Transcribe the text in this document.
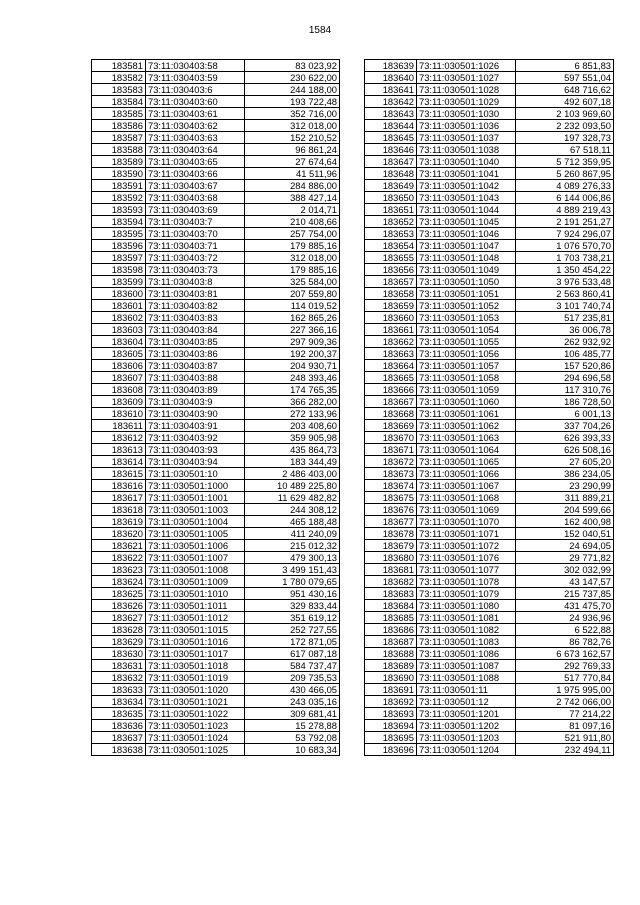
1584
183581	73:11:030403:58	83 023,92
183582	73:11:030403:59	230 622,00
183583	73:11:030403:6	244 188,00
183584	73:11:030403:60	193 722,48
183585	73:11:030403:61	352 716,00
183586	73:11:030403:62	312 018,00
183587	73:11:030403:63	152 210,52
183588	73:11:030403:64	96 861,24
183589	73:11:030403:65	27 674,64
183590	73:11:030403:66	41 511,96
183591	73:11:030403:67	284 886,00
183592	73:11:030403:68	388 427,14
183593	73:11:030403:69	2 014,71
183594	73:11:030403:7	210 408,66
183595	73:11:030403:70	257 754,00
183596	73:11:030403:71	179 885,16
183597	73:11:030403:72	312 018,00
183598	73:11:030403:73	179 885,16
183599	73:11:030403:8	325 584,00
183600	73:11:030403:81	207 559,80
183601	73:11:030403:82	114 019,52
183602	73:11:030403:83	162 865,26
183603	73:11:030403:84	227 366,16
183604	73:11:030403:85	297 909,36
183605	73:11:030403:86	192 200,37
183606	73:11:030403:87	204 930,71
183607	73:11:030403:88	248 393,46
183608	73:11:030403:89	174 765,35
183609	73:11:030403:9	366 282,00
183610	73:11:030403:90	272 133,96
183611	73:11:030403:91	203 408,60
183612	73:11:030403:92	359 905,98
183613	73:11:030403:93	435 864,73
183614	73:11:030403:94	183 344,49
183615	73:11:030501:10	2 486 403,00
183616	73:11:030501:1000	10 489 225,80
183617	73:11:030501:1001	11 629 482,82
183618	73:11:030501:1003	244 308,12
183619	73:11:030501:1004	465 188,48
183620	73:11:030501:1005	411 240,09
183621	73:11:030501:1006	215 012,32
183622	73:11:030501:1007	479 300,13
183623	73:11:030501:1008	3 499 151,43
183624	73:11:030501:1009	1 780 079,65
183625	73:11:030501:1010	951 430,16
183626	73:11:030501:1011	329 833,44
183627	73:11:030501:1012	351 619,12
183628	73:11:030501:1015	252 727,55
183629	73:11:030501:1016	172 871,05
183630	73:11:030501:1017	617 087,18
183631	73:11:030501:1018	584 737,47
183632	73:11:030501:1019	209 735,53
183633	73:11:030501:1020	430 466,05
183634	73:11:030501:1021	243 035,16
183635	73:11:030501:1022	309 681,41
183636	73:11:030501:1023	15 278,88
183637	73:11:030501:1024	53 792,08
183638	73:11:030501:1025	10 683,34
183639	73:11:030501:1026	6 851,83
183640	73:11:030501:1027	597 551,04
183641	73:11:030501:1028	648 716,62
183642	73:11:030501:1029	492 607,18
183643	73:11:030501:1030	2 103 969,60
183644	73:11:030501:1036	2 232 093,50
183645	73:11:030501:1037	197 328,73
183646	73:11:030501:1038	67 518,11
183647	73:11:030501:1040	5 712 359,95
183648	73:11:030501:1041	5 260 867,95
183649	73:11:030501:1042	4 089 276,33
183650	73:11:030501:1043	6 144 006,86
183651	73:11:030501:1044	4 889 219,43
183652	73:11:030501:1045	2 191 251,27
183653	73:11:030501:1046	7 924 296,07
183654	73:11:030501:1047	1 076 570,70
183655	73:11:030501:1048	1 703 738,21
183656	73:11:030501:1049	1 350 454,22
183657	73:11:030501:1050	3 976 533,48
183658	73:11:030501:1051	2 563 860,41
183659	73:11:030501:1052	3 101 740,74
183660	73:11:030501:1053	517 235,81
183661	73:11:030501:1054	36 006,78
183662	73:11:030501:1055	262 932,92
183663	73:11:030501:1056	106 485,77
183664	73:11:030501:1057	157 520,86
183665	73:11:030501:1058	294 696,58
183666	73:11:030501:1059	117 310,76
183667	73:11:030501:1060	186 728,50
183668	73:11:030501:1061	6 001,13
183669	73:11:030501:1062	337 704,26
183670	73:11:030501:1063	626 393,33
183671	73:11:030501:1064	626 508,16
183672	73:11:030501:1065	27 605,20
183673	73:11:030501:1066	386 234,05
183674	73:11:030501:1067	23 290,99
183675	73:11:030501:1068	311 889,21
183676	73:11:030501:1069	204 599,66
183677	73:11:030501:1070	162 400,98
183678	73:11:030501:1071	152 040,51
183679	73:11:030501:1072	24 694,05
183680	73:11:030501:1076	29 771,82
183681	73:11:030501:1077	302 032,99
183682	73:11:030501:1078	43 147,57
183683	73:11:030501:1079	215 737,85
183684	73:11:030501:1080	431 475,70
183685	73:11:030501:1081	24 936,96
183686	73:11:030501:1082	6 522,88
183687	73:11:030501:1083	86 782,76
183688	73:11:030501:1086	6 673 162,57
183689	73:11:030501:1087	292 769,33
183690	73:11:030501:1088	517 770,84
183691	73:11:030501:11	1 975 995,00
183692	73:11:030501:12	2 742 066,00
183693	73:11:030501:1201	77 214,22
183694	73:11:030501:1202	81 097,16
183695	73:11:030501:1203	521 911,80
183696	73:11:030501:1204	232 494,11
